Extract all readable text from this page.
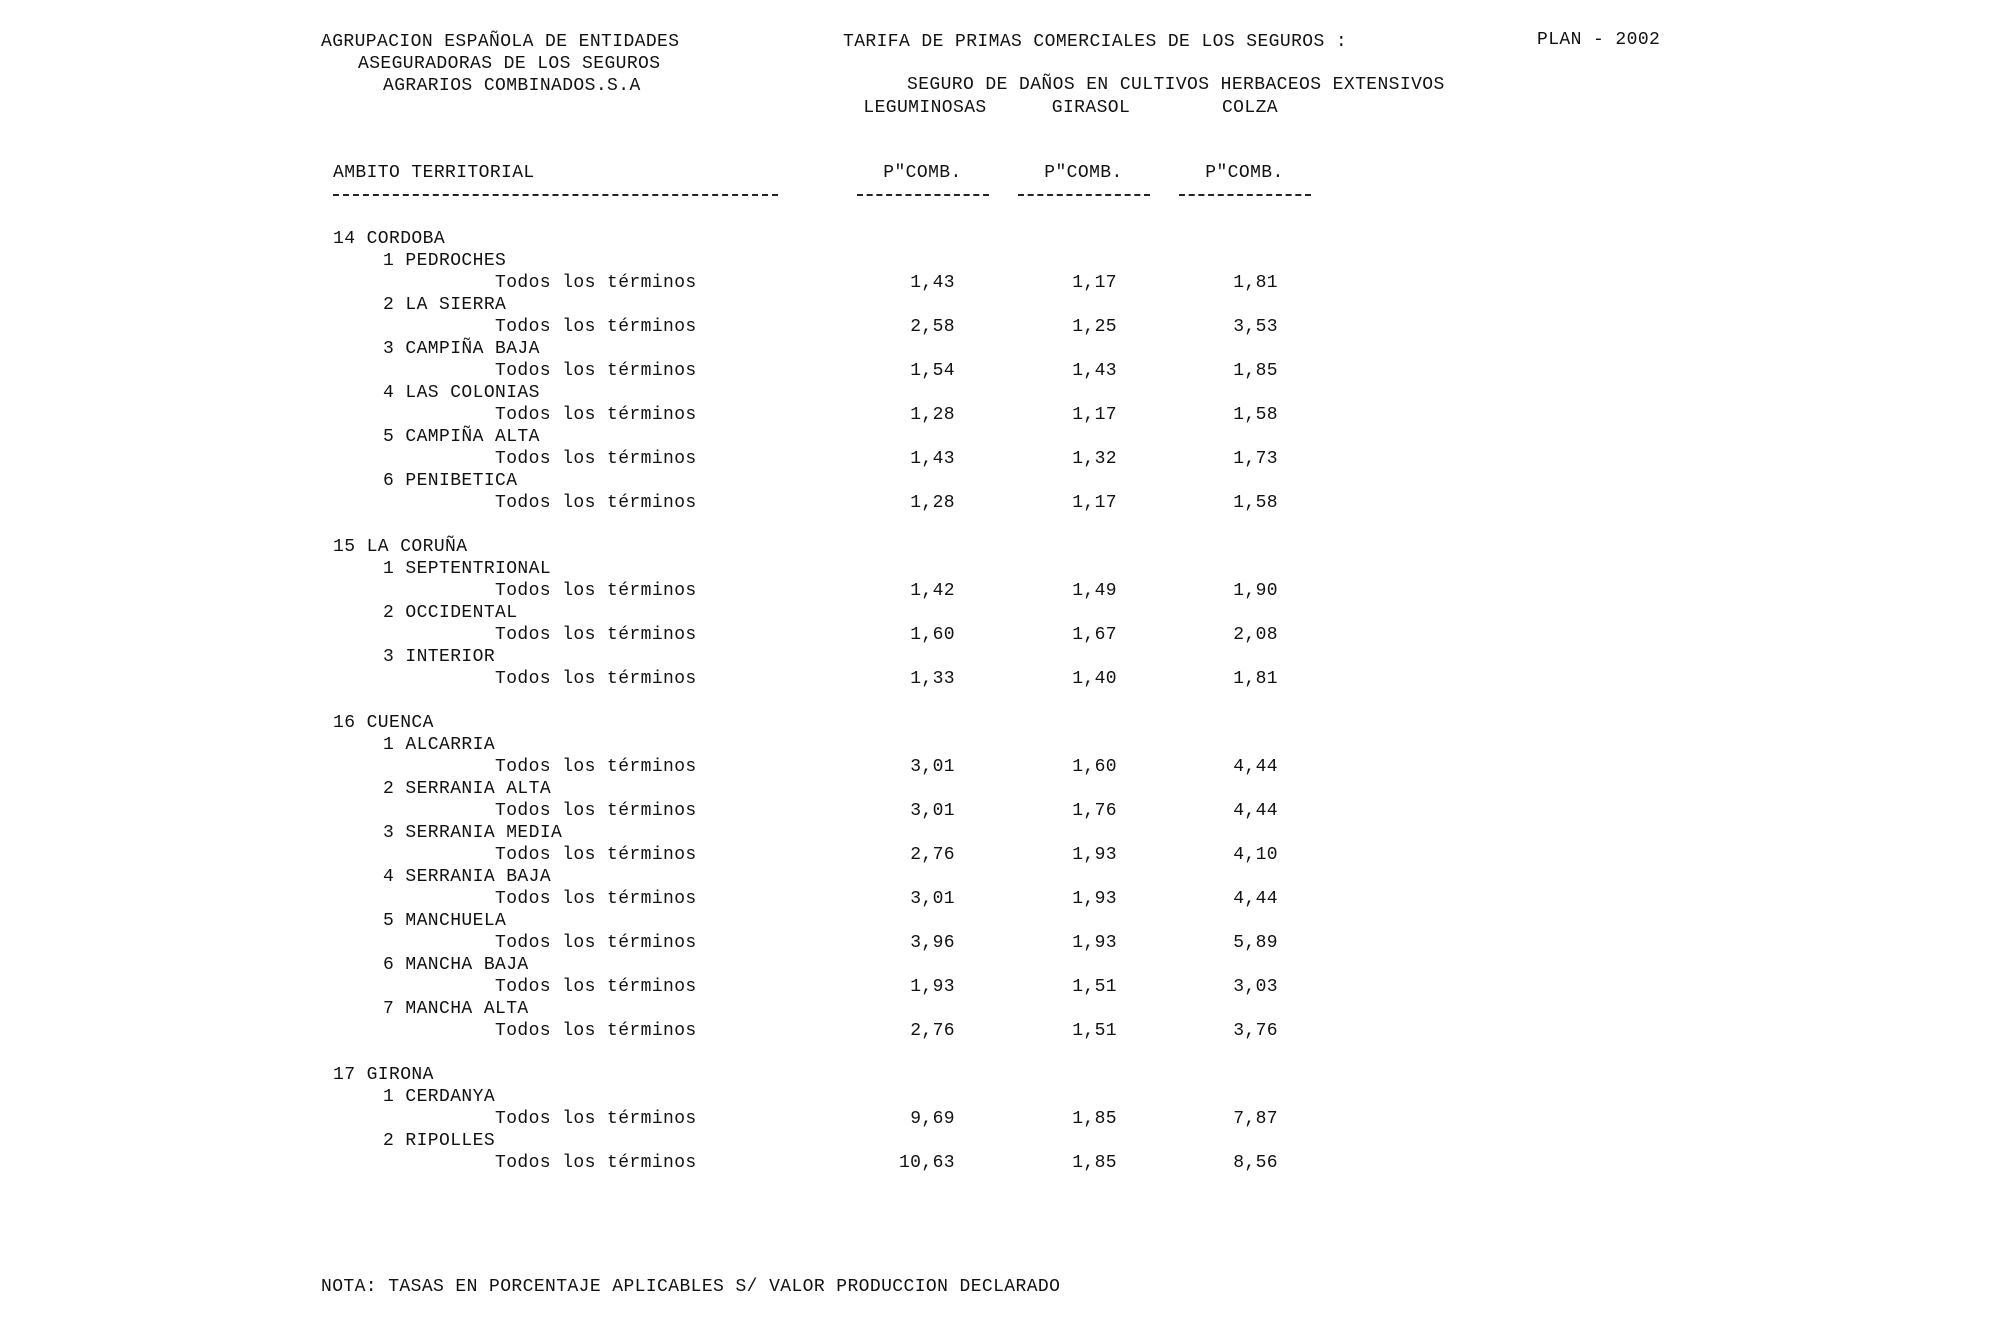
AGRUPACION ESPAÑOLA DE ENTIDADES
ASEGURADORAS DE LOS SEGUROS
AGRARIOS COMBINADOS.S.A
TARIFA DE PRIMAS COMERCIALES DE LOS SEGUROS :	PLAN - 2002
SEGURO DE DAÑOS EN CULTIVOS HERBACEOS EXTENSIVOS
LEGUMINOSAS	GIRASOL	COLZA
AMBITO TERRITORIAL	P"COMB.	P"COMB.	P"COMB.
14 CORDOBA
1 PEDROCHES
Todos los términos	1,43	1,17	1,81
2 LA SIERRA
Todos los términos	2,58	1,25	3,53
3 CAMPIÑA BAJA
Todos los términos	1,54	1,43	1,85
4 LAS COLONIAS
Todos los términos	1,28	1,17	1,58
5 CAMPIÑA ALTA
Todos los términos	1,43	1,32	1,73
6 PENIBETICA
Todos los términos	1,28	1,17	1,58
15 LA CORUÑA
1 SEPTENTRIONAL
Todos los términos	1,42	1,49	1,90
2 OCCIDENTAL
Todos los términos	1,60	1,67	2,08
3 INTERIOR
Todos los términos	1,33	1,40	1,81
16 CUENCA
1 ALCARRIA
Todos los términos	3,01	1,60	4,44
2 SERRANIA ALTA
Todos los términos	3,01	1,76	4,44
3 SERRANIA MEDIA
Todos los términos	2,76	1,93	4,10
4 SERRANIA BAJA
Todos los términos	3,01	1,93	4,44
5 MANCHUELA
Todos los términos	3,96	1,93	5,89
6 MANCHA BAJA
Todos los términos	1,93	1,51	3,03
7 MANCHA ALTA
Todos los términos	2,76	1,51	3,76
17 GIRONA
1 CERDANYA
Todos los términos	9,69	1,85	7,87
2 RIPOLLES
Todos los términos	10,63	1,85	8,56
NOTA: TASAS EN PORCENTAJE APLICABLES S/ VALOR PRODUCCION DECLARADO
